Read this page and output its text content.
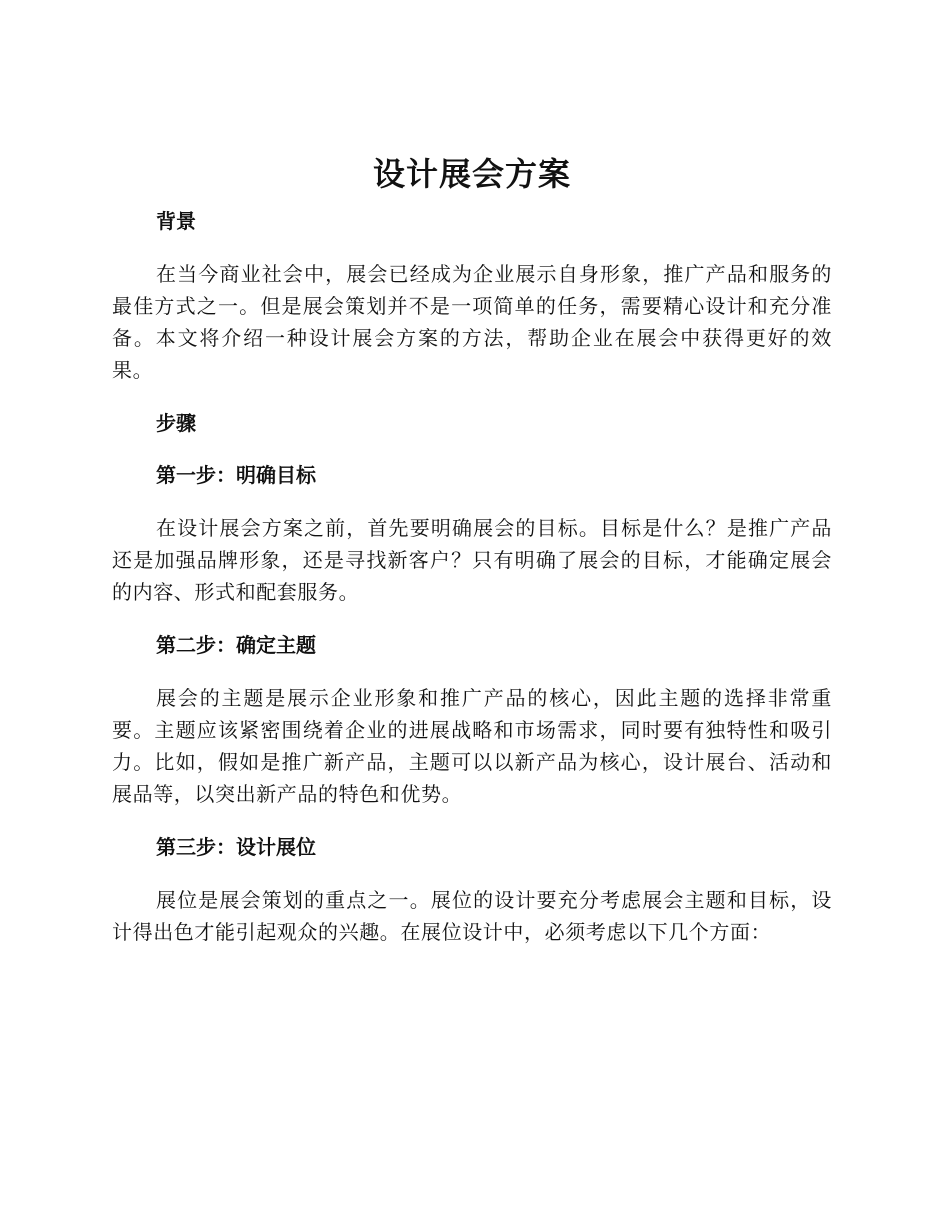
设计展会方案
背景

在当今商业社会中，展会已经成为企业展示自身形象，推广产品和服务的最佳方式之一。但是展会策划并不是一项简单的任务，需要精心设计和充分准备。本文将介绍一种设计展会方案的方法，帮助企业在展会中获得更好的效果。

步骤
第一步：明确目标

在设计展会方案之前，首先要明确展会的目标。目标是什么？是推广产品还是加强品牌形象，还是寻找新客户？只有明确了展会的目标，才能确定展会的内容、形式和配套服务。

第二步：确定主题

展会的主题是展示企业形象和推广产品的核心，因此主题的选择非常重要。主题应该紧密围绕着企业的进展战略和市场需求，同时要有独特性和吸引力。比如，假如是推广新产品，主题可以以新产品为核心，设计展台、活动和展品等，以突出新产品的特色和优势。

第三步：设计展位

展位是展会策划的重点之一。展位的设计要充分考虑展会主题和目标，设计得出色才能引起观众的兴趣。在展位设计中，必须考虑以下几个方面：
